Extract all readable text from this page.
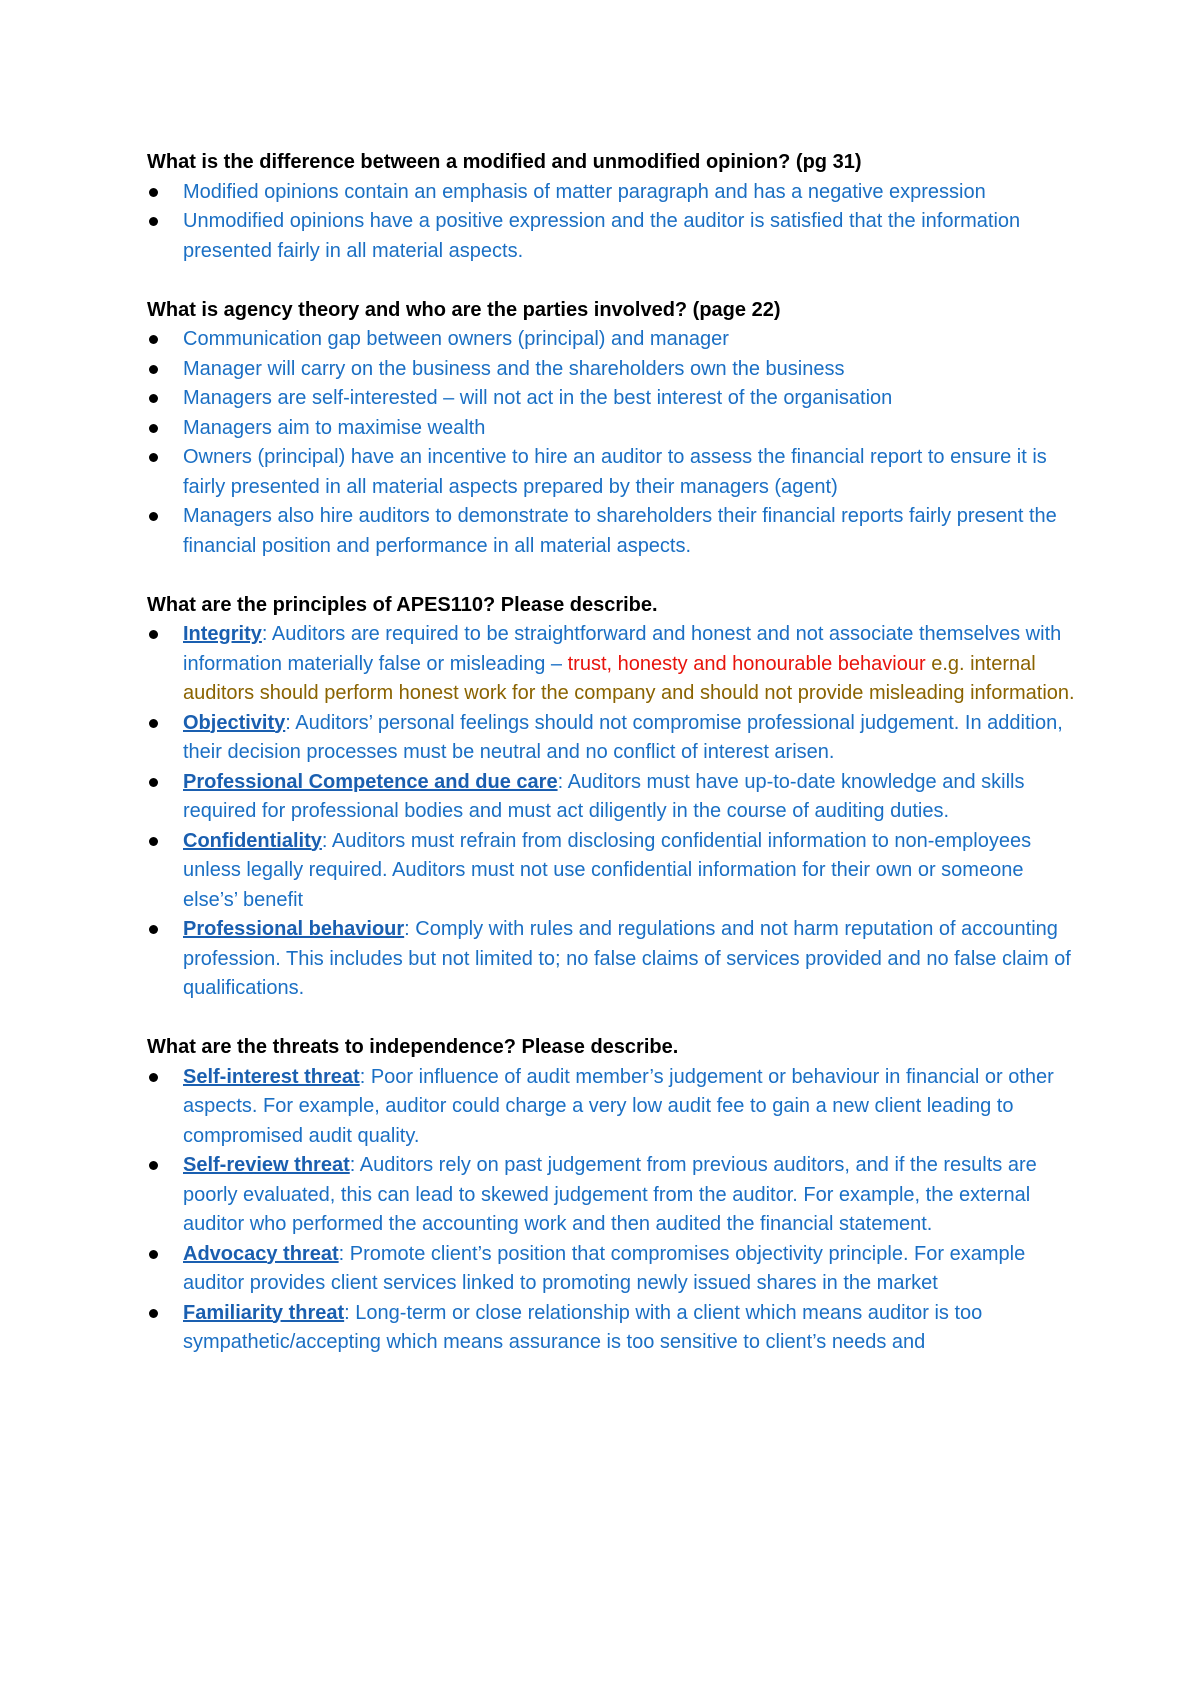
What is the difference between a modified and unmodified opinion? (pg 31)

Modified opinions contain an emphasis of matter paragraph and has a negative expression
Unmodified opinions have a positive expression and the auditor is satisfied that the information presented fairly in all material aspects.

What is agency theory and who are the parties involved? (page 22)

Communication gap between owners (principal) and manager
Manager will carry on the business and the shareholders own the business
Managers are self-interested – will not act in the best interest of the organisation
Managers aim to maximise wealth
Owners (principal) have an incentive to hire an auditor to assess the financial report to ensure it is fairly presented in all material aspects prepared by their managers (agent)
Managers also hire auditors to demonstrate to shareholders their financial reports fairly present the financial position and performance in all material aspects.

What are the principles of APES110? Please describe.

Integrity: Auditors are required to be straightforward and honest and not associate themselves with information materially false or misleading – trust, honesty and honourable behaviour e.g. internal auditors should perform honest work for the company and should not provide misleading information.
Objectivity: Auditors’ personal feelings should not compromise professional judgement. In addition, their decision processes must be neutral and no conflict of interest arisen.
Professional Competence and due care: Auditors must have up-to-date knowledge and skills required for professional bodies and must act diligently in the course of auditing duties.
Confidentiality: Auditors must refrain from disclosing confidential information to non-employees unless legally required. Auditors must not use confidential information for their own or someone else’s’ benefit
Professional behaviour: Comply with rules and regulations and not harm reputation of accounting profession. This includes but not limited to; no false claims of services provided and no false claim of qualifications.

What are the threats to independence? Please describe.

Self-interest threat: Poor influence of audit member’s judgement or behaviour in financial or other aspects. For example, auditor could charge a very low audit fee to gain a new client leading to compromised audit quality.
Self-review threat: Auditors rely on past judgement from previous auditors, and if the results are poorly evaluated, this can lead to skewed judgement from the auditor. For example, the external auditor who performed the accounting work and then audited the financial statement.
Advocacy threat: Promote client’s position that compromises objectivity principle. For example auditor provides client services linked to promoting newly issued shares in the market
Familiarity threat: Long-term or close relationship with a client which means auditor is too sympathetic/accepting which means assurance is too sensitive to client’s needs and
